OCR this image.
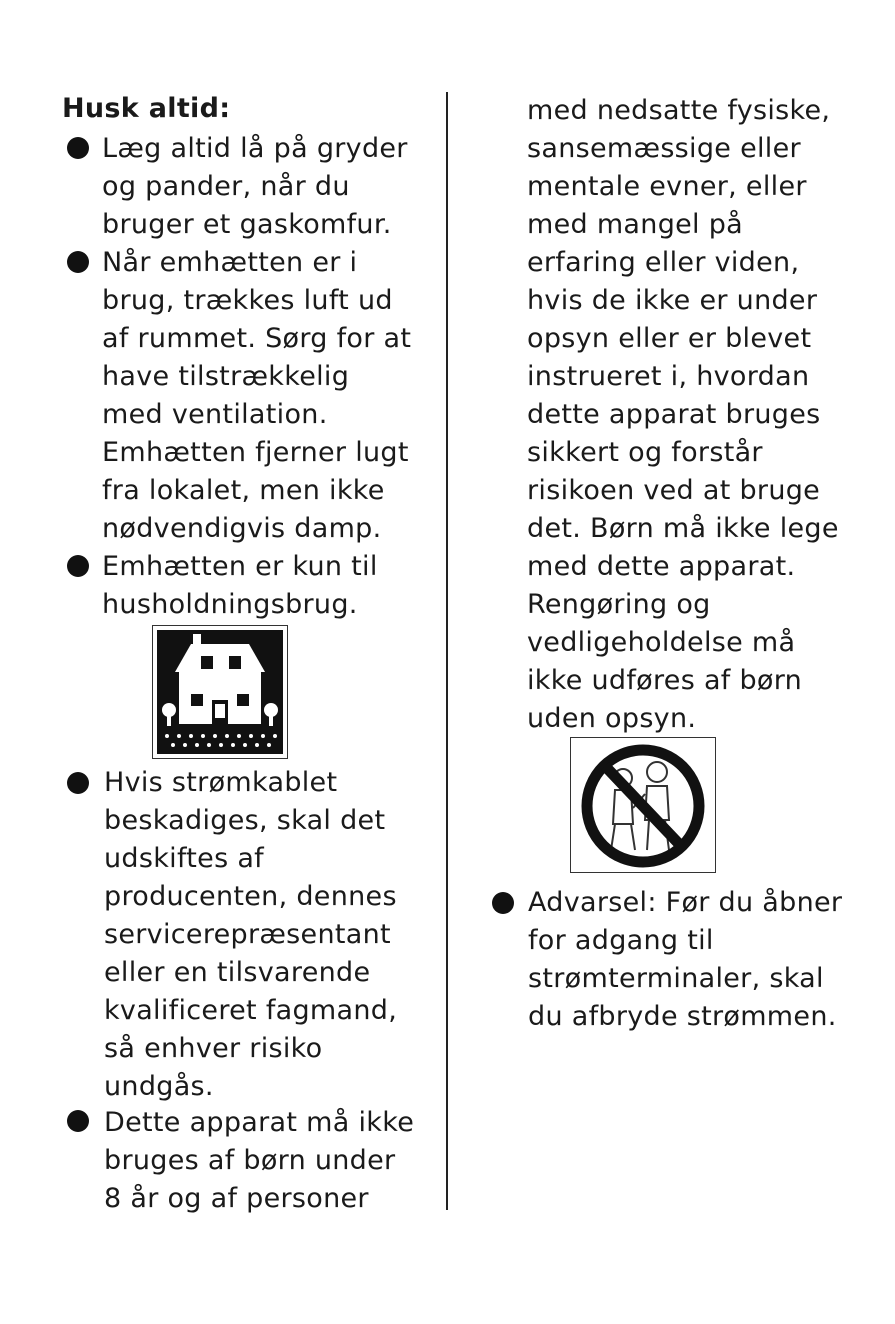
Husk altid:
Læg altid lå på gryder
og pander, når du
bruger et gaskomfur.
Når emhætten er i
brug, trækkes luft ud
af rummet. Sørg for at
have tilstrækkelig
med ventilation.
Emhætten fjerner lugt
fra lokalet, men ikke
nødvendigvis damp.
Emhætten er kun til
husholdningsbrug.
Hvis strømkablet
beskadiges, skal det
udskiftes af
producenten, dennes
servicerepræsentant
eller en tilsvarende
kvalificeret fagmand,
så enhver risiko
undgås.
Dette apparat må ikke
bruges af børn under
8 år og af personer
med nedsatte fysiske,
sansemæssige eller
mentale evner, eller
med mangel på
erfaring eller viden,
hvis de ikke er under
opsyn eller er blevet
instrueret i, hvordan
dette apparat bruges
sikkert og forstår
risikoen ved at bruge
det. Børn må ikke lege
med dette apparat.
Rengøring og
vedligeholdelse må
ikke udføres af børn
uden opsyn.
Advarsel: Før du åbner
for adgang til
strømterminaler, skal
du afbryde strømmen.
